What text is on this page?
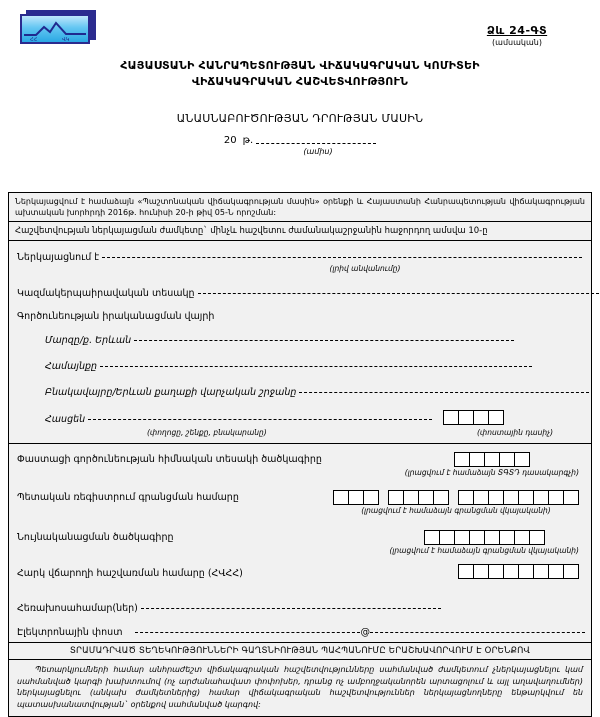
ՀՀ	ՎԿ
Ձև 24-ԳՏ
(ամսական)
ՀԱՅԱՍՏԱՆԻ ՀԱՆՐԱՊԵՏՈՒԹՅԱՆ ՎԻՃԱԿԱԳՐԱԿԱՆ ԿՈՄԻՏԵԻ
ՎԻՃԱԿԱԳՐԱԿԱՆ ՀԱՇՎԵՏՎՈՒԹՅՈՒՆ
ԱՆԱՍՆԱԲՈՒԾՈՒԹՅԱՆ ԴՐՈՒԹՅԱՆ ՄԱՍԻՆ
20 թ.
(ամիս)
Ներկայացվում է համաձայն «Պաշտոնական վիճակագրության մասին» օրենքի և Հայաստանի Հանրապետության վիճակագրության ախտական խորհրդի 2016թ. հունիսի 20-ի թիվ 05-Ն որոշման:
Հաշվետվության ներկայացման ժամկետը` մինչև հաշվետու ժամանակաշրջանին հաջորդող ամսվա 10-ը
Ներկայացնում է
(լրիվ անվանումը)
Կազմակերպաիրավական տեսակը
Գործունեության իրականացման վայրի
Մարզը/ք. Երևան
Համայնքը
Բնակավայրը/Երևան քաղաքի վարչական շրջանը
Հասցեն
(փողոցը, շենքը, բնակարանը)	(փոստային դասիչ)
Փաստացի գործունեության հիմնական տեսակի ծածկագիրը

(լրացվում է համաձայն ՏԳՏԴ դասակարգչի)
Պետական ռեգիստրում գրանցման համարը

(լրացվում է համաձայն գրանցման վկայականի)
Նույնականացման ծածկագիրը

(լրացվում է համաձայն գրանցման վկայականի)
Հարկ վճարողի հաշվառման համարը (ՀՎՀՀ)

Հեռախոսահամար(ներ)
Էլեկտրոնային փոստ	@
ՏՐԱՄԱԴՐՎԱԾ ՏԵՂԵԿՈՒԹՅՈՒՆՆԵՐԻ ԳԱՂՏՆԻՈՒԹՅԱՆ ՊԱՀՊԱՆՈՒՄԸ ԵՐԱՇԽԱՎՈՐՎՈՒՄ Է ՕՐԵՆՔՈՎ
Պետարկյումների համար անհրաժեշտ վիճակագրական հաշվետվությունները սահմանված ժամկետում չներկայացնելու կամ սահմանված կարգի խախտումով (ոչ արժանահավատ փոփոխեր, դրանց ոչ ամբողջականորեն արտացոլում և այլ աղավաղումներ) ներկայացնելու (անկախ ժամկետներից) համար վիճակագրական հաշվետվություններ ներկայացնողները ենթարկվում են պատասխանատվության` օրենքով սահմանված կարգով:
